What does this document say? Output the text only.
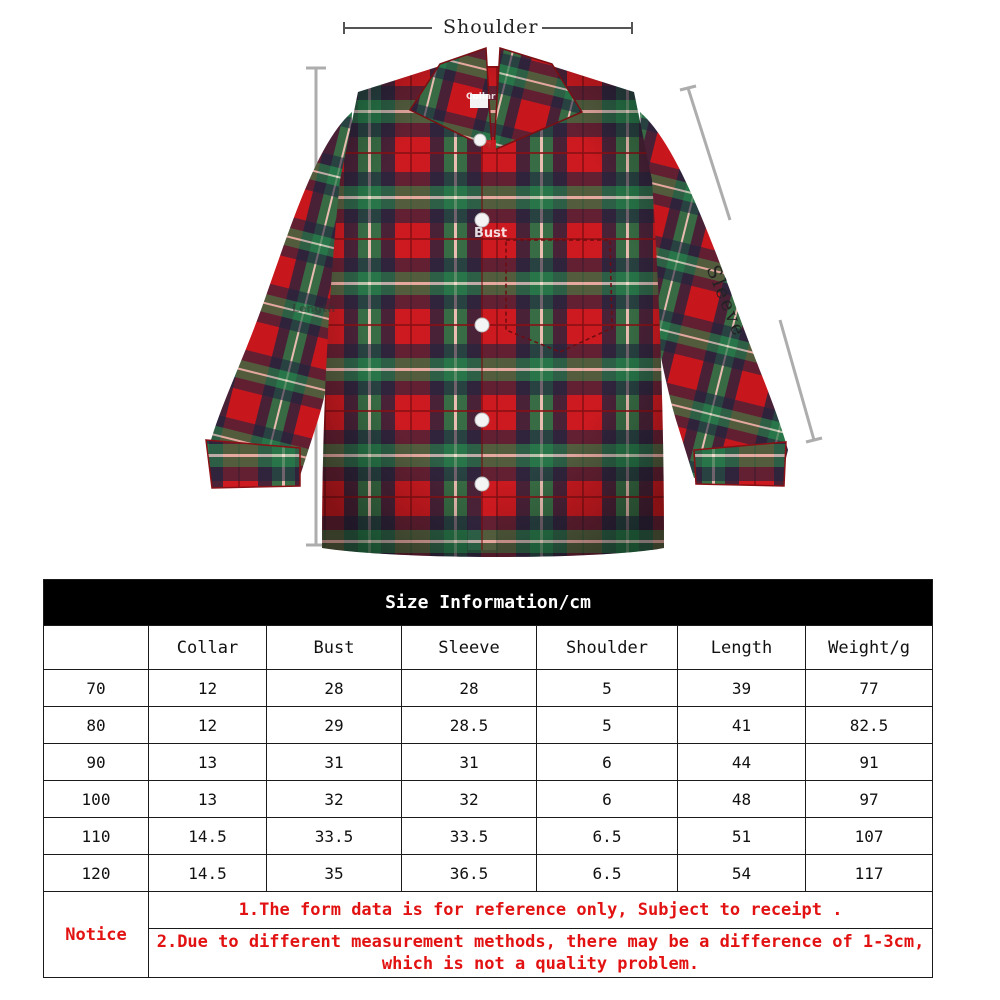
Shoulder
Sleeve
Collar
Bust
Length
Size Information/cm						
	Collar	Bust	Sleeve	Shoulder	Length	Weight/g
70	12	28	28	5	39	77
80	12	29	28.5	5	41	82.5
90	13	31	31	6	44	91
100	13	32	32	6	48	97
110	14.5	33.5	33.5	6.5	51	107
120	14.5	35	36.5	6.5	54	117
Notice	1.The form data is for reference only, Subject to receipt .					
	2.Due to different measurement methods, there may be a difference of 1-3cm, which is not a quality problem.					
